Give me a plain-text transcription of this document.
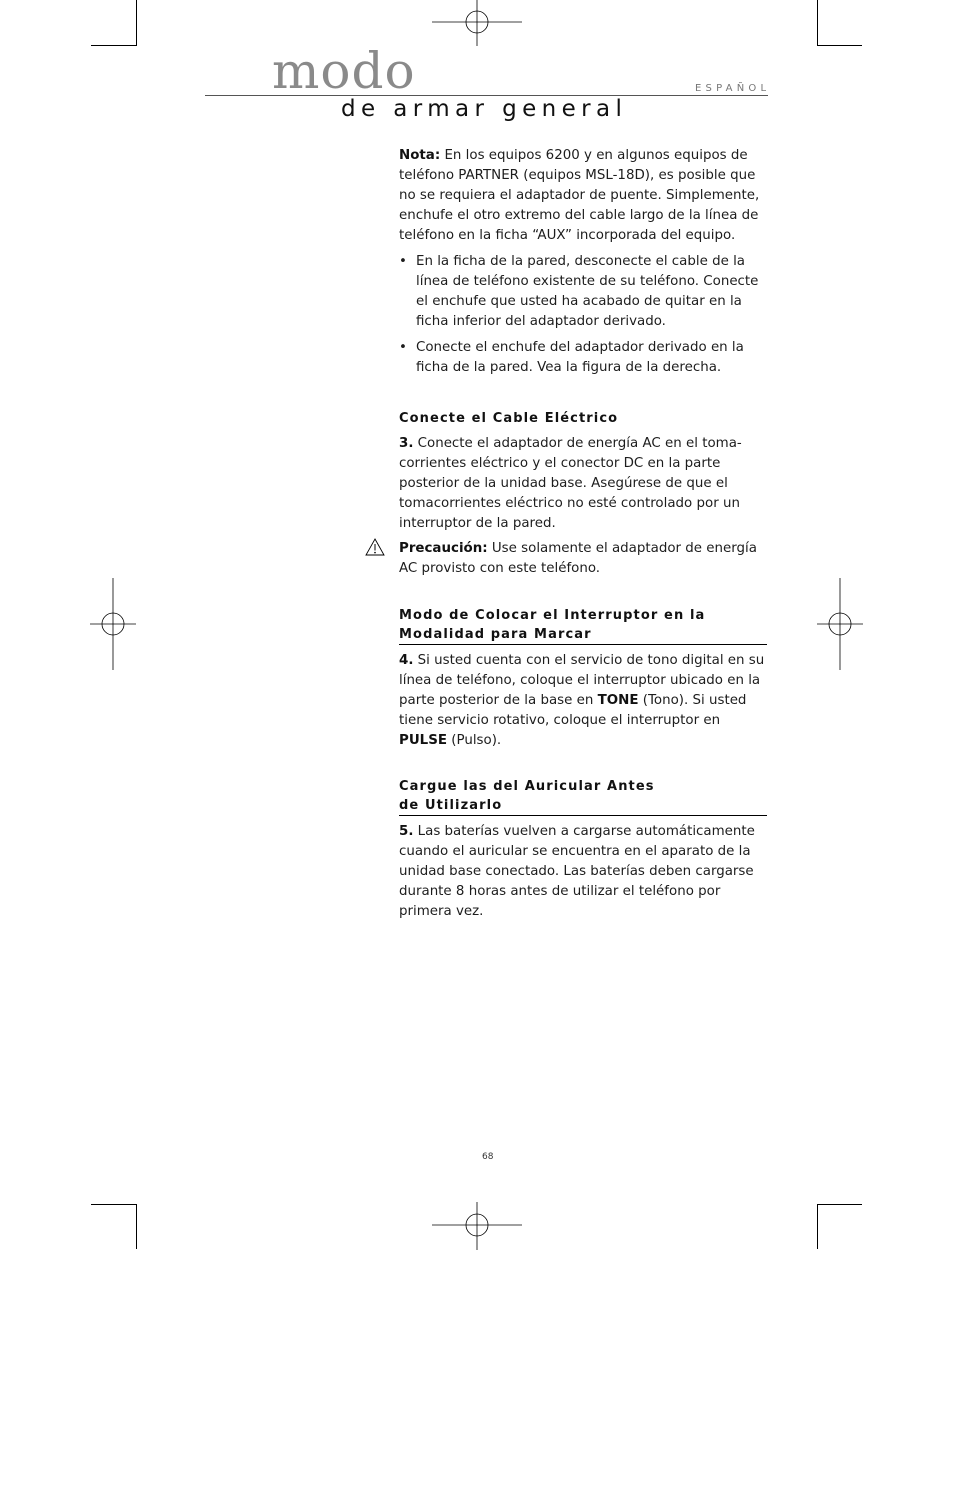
modo
de armar general
ESPAÑOL

Nota: En los equipos 6200 y en algunos equipos de teléfono PARTNER (equipos MSL-18D), es posible que no se requiera el adaptador de puente. Simplemente, enchufe el otro extremo del cable largo de la línea de teléfono en la ficha “AUX” incorporada del equipo.

• En la ficha de la pared, desconecte el cable de la línea de teléfono existente de su teléfono. Conecte el enchufe que usted ha acabado de quitar en la ficha inferior del adaptador derivado.
• Conecte el enchufe del adaptador derivado en la ficha de la pared. Vea la figura de la derecha.
Conecte el Cable Eléctrico

3. Conecte el adaptador de energía AC en el toma-corrientes eléctrico y el conector DC en la parte posterior de la unidad base. Asegúrese de que el tomacorrientes eléctrico no esté controlado por un interruptor de la pared.

Precaución: Use solamente el adaptador de energía AC provisto con este teléfono.

Modo de Colocar el Interruptor en la
Modalidad para Marcar

4. Si usted cuenta con el servicio de tono digital en su línea de teléfono, coloque el interruptor ubicado en la parte posterior de la base en TONE (Tono). Si usted tiene servicio rotativo, coloque el interruptor en PULSE (Pulso).

Cargue las del Auricular Antes
de Utilizarlo

5. Las baterías vuelven a cargarse automáticamente cuando el auricular se encuentra en el aparato de la unidad base conectado. Las baterías deben cargarse durante 8 horas antes de utilizar el teléfono por primera vez.

68
